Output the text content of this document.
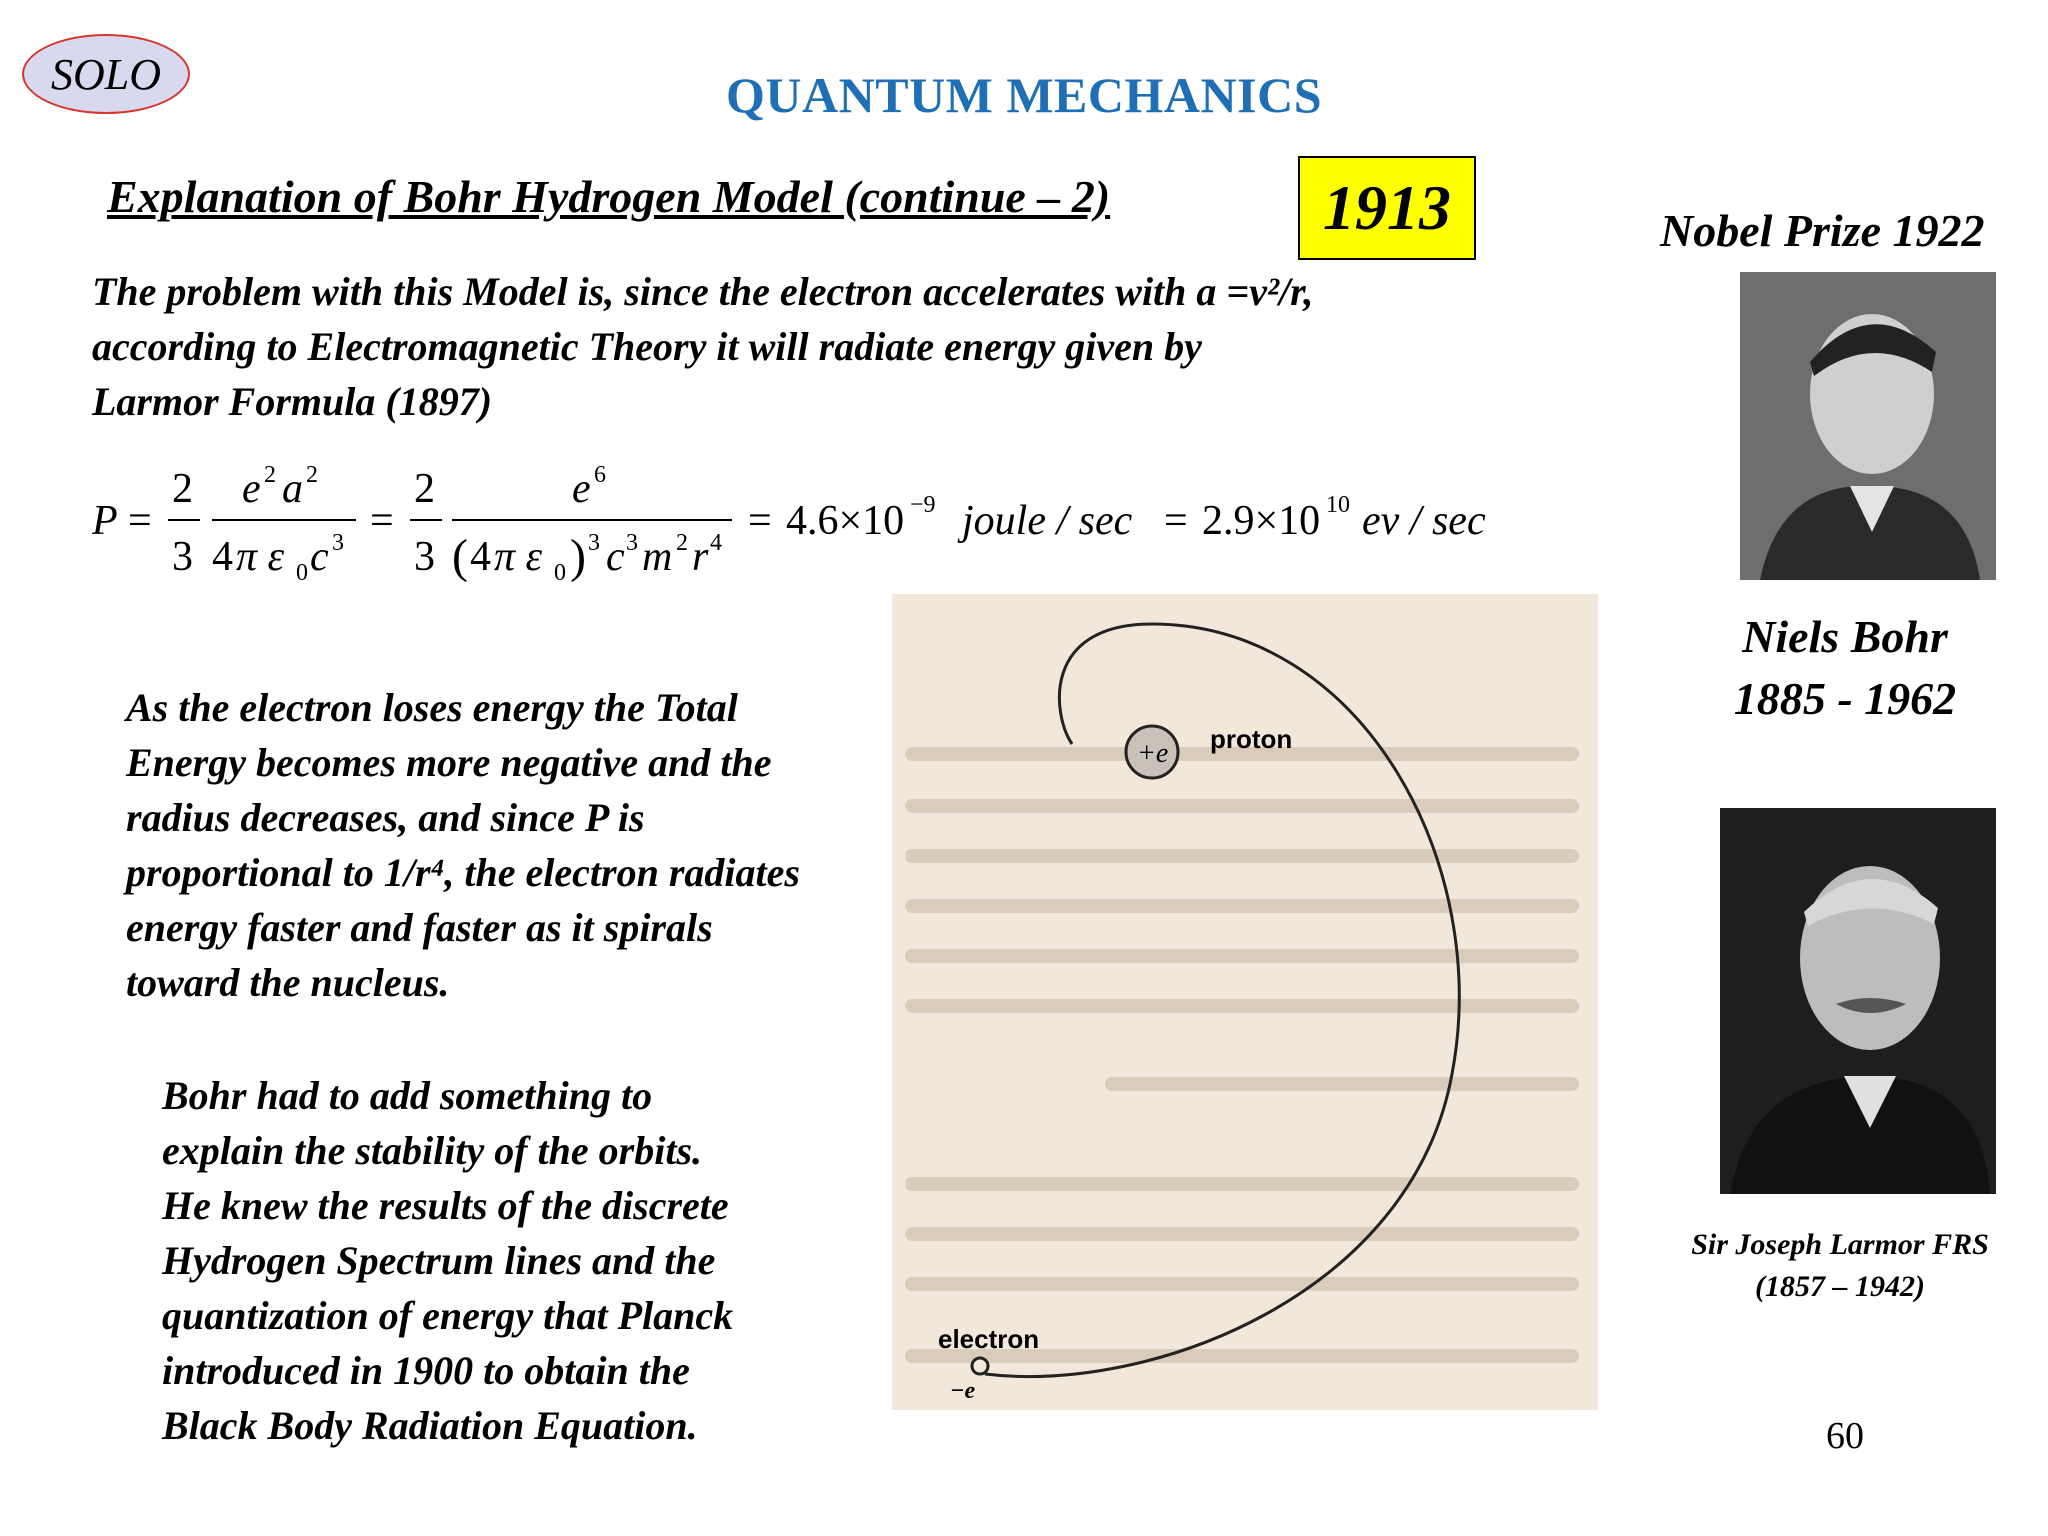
SOLO	QUANTUM MECHANICS
Explanation of Bohr Hydrogen Model (continue – 2)	1913
The problem with this Model is, since the electron accelerates with a =v²/r,
according to Electromagnetic Theory it will radiate energy given by
Larmor Formula (1897)
P =
2
3
e 2 a 2
4 π ε 0 c 3 =
2
3
e 6
( 4 π ε 0 ) 3 c 3 m 2 r 4 = 4.6×10 −9 joule / sec = 2.9×10 10 ev / sec
As the electron loses energy the Total
Energy becomes more negative and the
radius decreases, and since P is
proportional to 1/r⁴, the electron radiates
energy faster and faster as it spirals
toward the nucleus.
Bohr had to add something to
explain the stability of the orbits.
He knew the results of the discrete
Hydrogen Spectrum lines and the
quantization of energy that Planck
introduced in 1900 to obtain the
Black Body Radiation Equation.
+e proton
electron
−e
Nobel Prize 1922
Niels Bohr
1885 - 1962
Sir Joseph Larmor FRS
(1857 – 1942)
60
